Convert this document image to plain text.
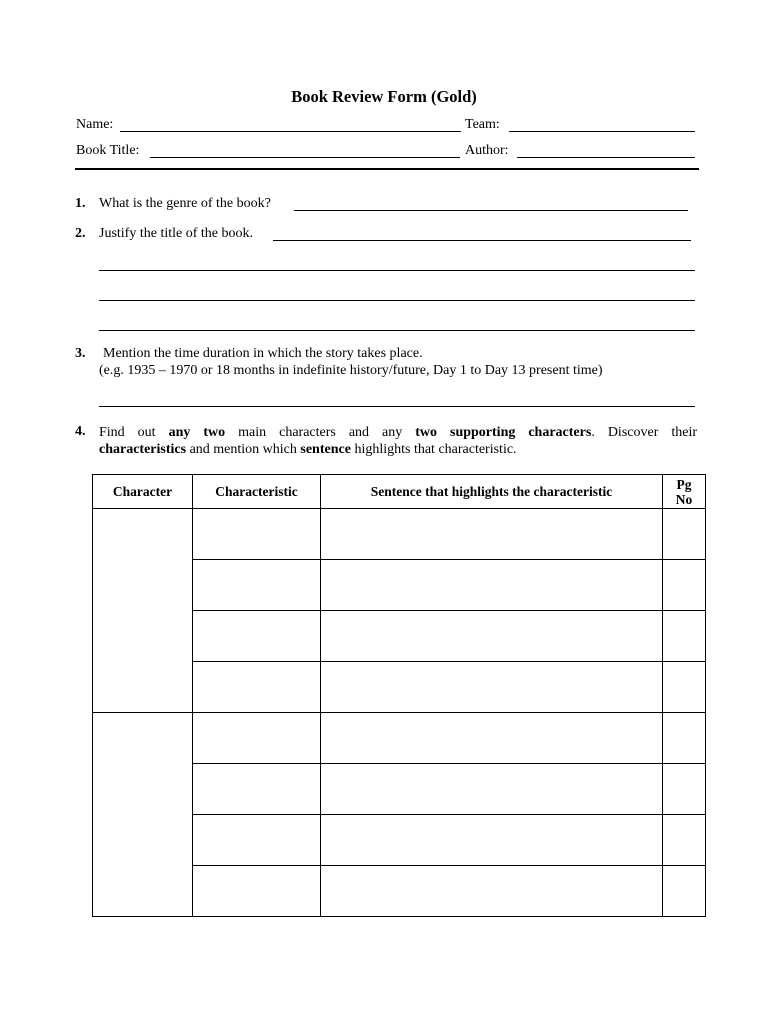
Book Review Form (Gold)
Name:	Team:
Book Title:	Author:
1. What is the genre of the book?
2. Justify the title of the book.
3. Mention the time duration in which the story takes place.
(e.g. 1935 – 1970 or 18 months in indefinite history/future, Day 1 to Day 13 present time)
4. Find out any two main characters and any two supporting characters. Discover their
characteristics and mention which sentence highlights that characteristic.
Character	Characteristic	Sentence that highlights the characteristic	Pg
No
